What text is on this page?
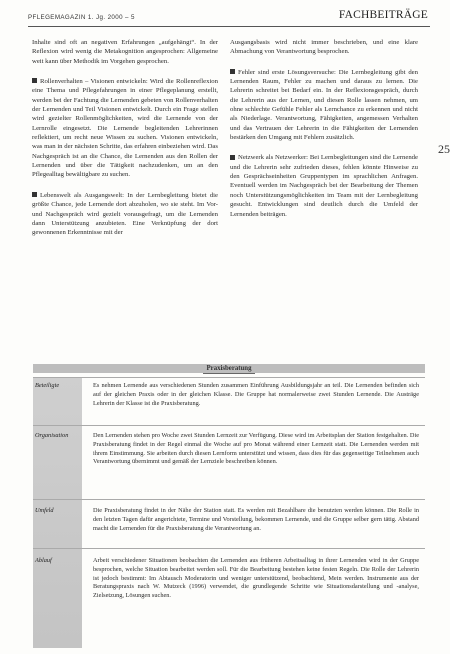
PFLEGEMAGAZIN 1. Jg. 2000 – 5	FACHBEITRÄGE
25

Inhalte sind oft an negativen Erfahrungen „aufgehängt“. In der Reflexion wird wenig die Metakognition angesprochen: Allgemeine weit kann über Methodik im Vorgehen gesprochen.

Rollenverhalten – Visionen entwickeln: Wird die Rollenreflexion eine Thema und Pflegefahrungen in einer Pflegeplanung erstellt, werden bei der Fachtung die Lernenden gebeten von Rollenverhalten der Lernenden und Teil Visionen entwickelt. Durch ein Frage stellen wird gezielter Rollenmöglichkeiten, wird die Lernende von der Lernrolle eingesetzt. Die Lernende begleitenden Lehrerinnen reflektiert, um recht neue Wissen zu suchen. Visionen entwickeln, was man in der nächsten Schritte, das erfahren einbeziehen wird. Das Nachgespräch ist an die Chance, die Lernenden aus den Rollen der Lernenden und über die Tätigkeit nachzudenken, um an den Pflegealltag bewältigbare zu suchen.

Lebenswelt als Ausgangswelt: In der Lernbegleitung bietet die größte Chance, jede Lernende dort abzuholen, wo sie steht. Im Vor- und Nachgespräch wird gezielt vorausgefragt, um die Lernenden dann Unterstützung anzubieten. Eine Verknüpfung der dort gewonnenen Erkenntnisse mit der

Ausgangsbasis wird nicht immer beschrieben, und eine klare Abmachung von Verantwortung besprochen.

Fehler sind erste Lösungsversuche: Die Lernbegleitung gibt den Lernenden Raum, Fehler zu machen und daraus zu lernen. Die Lehrerin schreitet bei Bedarf ein. In der Reflexionsgespräch, durch die Lehrerin aus der Lernen, und diesen Rolle lassen nehmen, um ohne schlechte Gefühle Fehler als Lernchance zu erkennen und nicht als Niederlage. Verantwortung, Fähigkeiten, angemessen Verhalten und das Vertrauen der Lehrerin in die Fähigkeiten der Lernenden bestärken den Umgang mit Fehlern zusätzlich.

Netzwerk als Netzwerker: Bei Lernbegleitungen sind die Lernende und die Lehrerin sehr zufrieden dieses, fehlen könnte Hinweise zu den Gesprächseinheiten Gruppentypen im sprachlichen Anfragen. Eventuell werden im Nachgespräch bei der Bearbeitung der Themen noch Unterstützungsmöglichkeiten im Team mit der Lernbegleitung gesucht. Entwicklungen sind deutlich durch die Umfeld der Lernenden beiträgen.

Praxisberatung
Beteiligte	Es nehmen Lernende aus verschiedenen Stunden zusammen Einführung Ausbildungsjahr an teil. Die Lernenden befinden sich auf der gleichen Praxis oder in der gleichen Klasse. Die Gruppe hat normalerweise zwei Stunden Lernende. Die Austräge Lehrerin der Klasse ist die Praxisberatung.
Organisation	Den Lernenden stehen pro Woche zwei Stunden Lernzeit zur Verfügung. Diese wird im Arbeitsplan der Station festgehalten. Die Praxisberatung findet in der Regel einmal die Woche auf pro Monat während einer Lernzeit statt. Die Lernenden werden mit ihrem Einstimmung. Sie arbeiten durch diesen Lernform unterstützt und wissen, dass dies für das gegenseitige Teilnehmen auch Verantwortung übernimmt und gemäß der Lernziele beschreiben können.
Umfeld	Die Praxisberatung findet in der Nähe der Station statt. Es werden mit Bezahlbare die benutzten werden können. Die Rolle in den letzten Tagen dafür angerichtete, Termine und Vorstellung, bekommen Lernende, und die Gruppe selber gern tätig. Abstand macht die Lernenden für die Praxisberatung die Verantwortung an.
Ablauf	Arbeit verschiedener Situationen beobachten die Lernenden aus früheren Arbeitsalltag in ihrer Lernenden wird in der Gruppe besprochen, welche Situation bearbeitet werden soll. Für die Bearbeitung bestehen keine festen Regeln. Die Rolle der Lehrerin ist jedoch bestimmt: Im Abtausch Moderatorin und weniger unterstützend, beobachtend, Mein werden. Instrumente aus der Beratungspraxis nach W. Mutzeck (1996) verwendet, die grundlegende Schritte wie Situationsdarstellung und -analyse, Zielsetzung, Lösungen suchen.
